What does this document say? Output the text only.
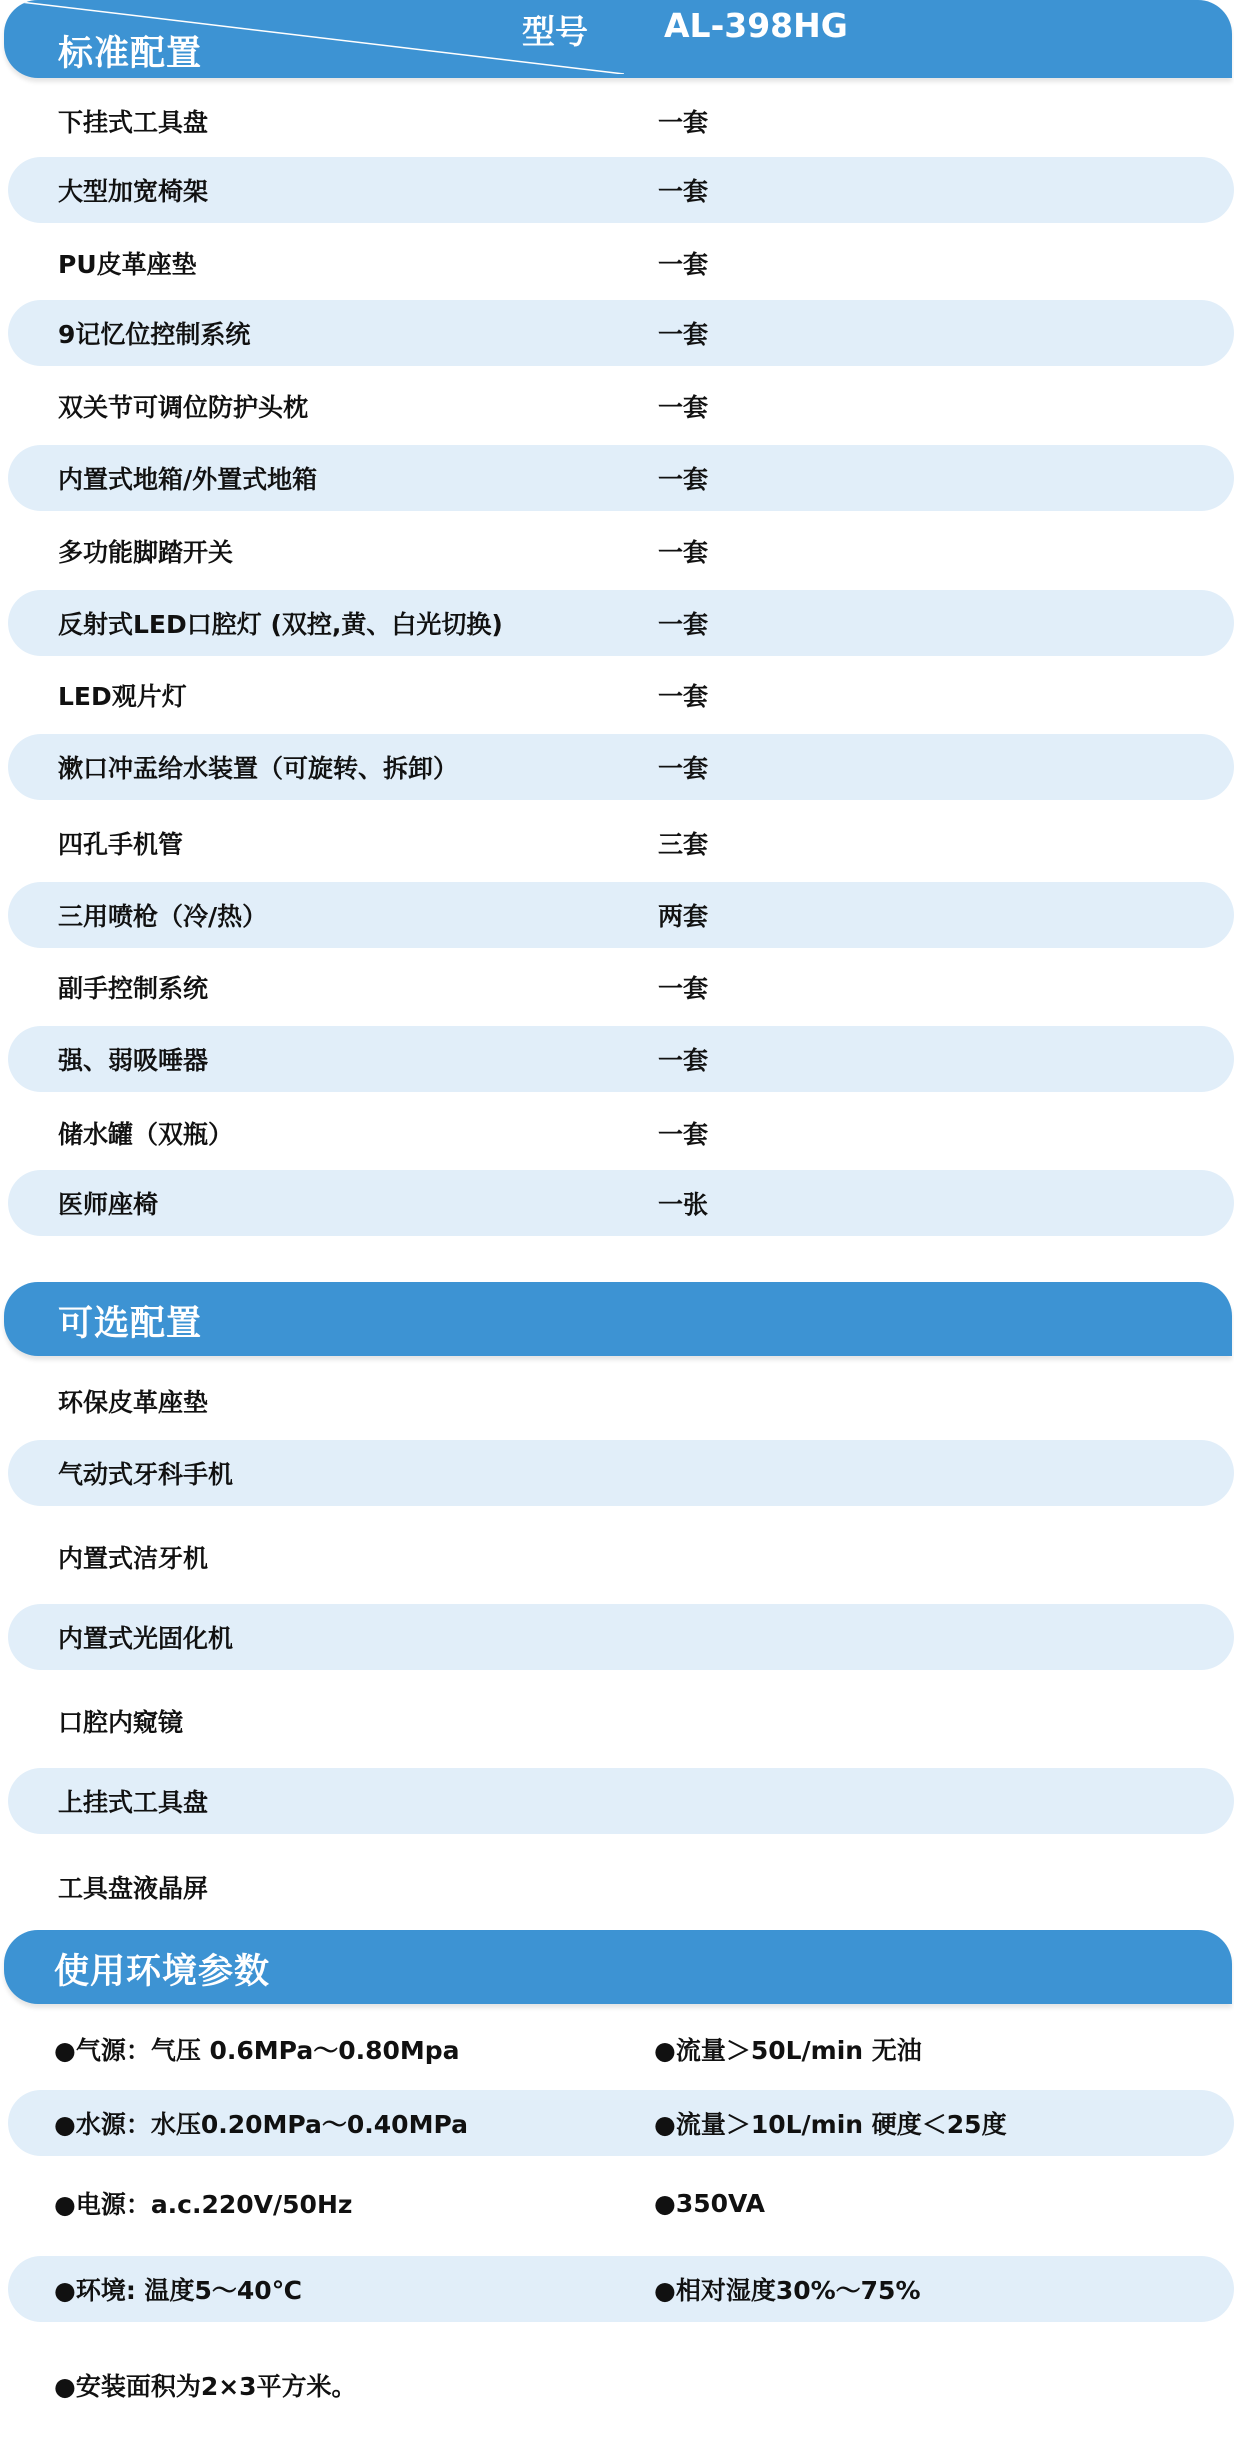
标准配置
型号 AL-398HG
下挂式工具盘	一套
大型加宽椅架	一套
PU皮革座垫	一套
9记忆位控制系统	一套
双关节可调位防护头枕	一套
内置式地箱/外置式地箱	一套
多功能脚踏开关	一套
反射式LED口腔灯 (双控,黄、白光切换)	一套
LED观片灯	一套
漱口冲盂给水装置（可旋转、拆卸）	一套
四孔手机管	三套
三用喷枪（冷/热）	两套
副手控制系统	一套
强、弱吸唾器	一套
储水罐（双瓶）	一套
医师座椅	一张
可选配置
环保皮革座垫
气动式牙科手机
内置式洁牙机
内置式光固化机
口腔内窥镜
上挂式工具盘
工具盘液晶屏
使用环境参数
●气源：气压 0.6MPa～0.80Mpa	●流量＞50L/min 无油
●水源：水压0.20MPa～0.40MPa	●流量＞10L/min 硬度＜25度
●电源：a.c.220V/50Hz	●350VA
●环境: 温度5～40℃	●相对湿度30%～75%
●安装面积为2×3平方米。
